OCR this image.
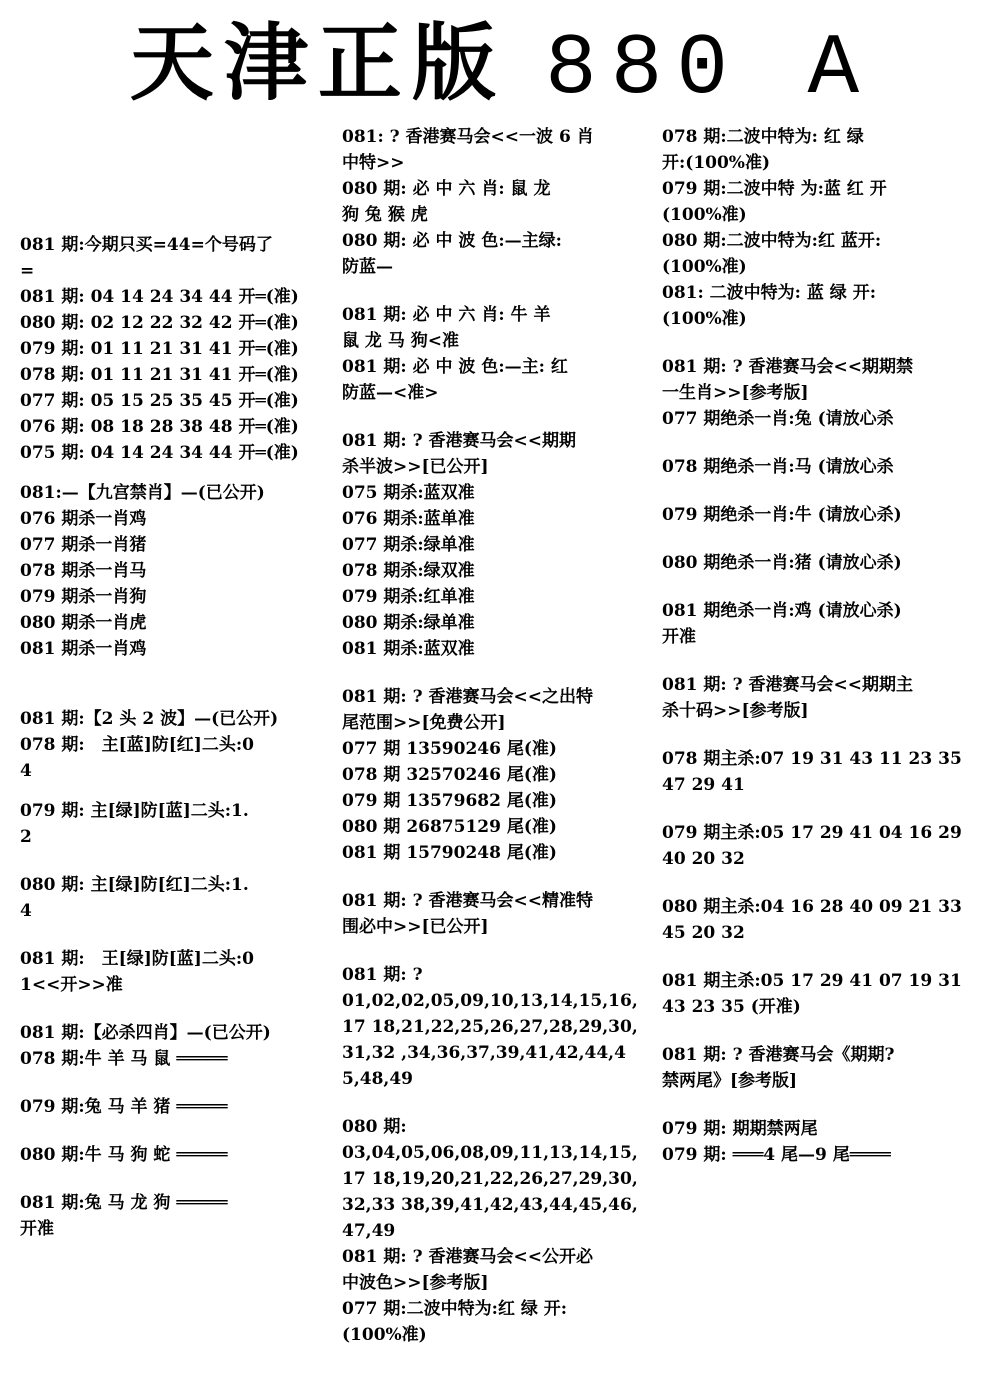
天津正版 880 A
081 期:今期只买=44=个号码了
=
081 期: 04 14 24 34 44 开═(准)
080 期: 02 12 22 32 42 开═(准)
079 期: 01 11 21 31 41 开═(准)
078 期: 01 11 21 31 41 开═(准)
077 期: 05 15 25 35 45 开═(准)
076 期: 08 18 28 38 48 开═(准)
075 期: 04 14 24 34 44 开═(准)
081:—【九宫禁肖】—(已公开)
076 期杀一肖鸡
077 期杀一肖猪
078 期杀一肖马
079 期杀一肖狗
080 期杀一肖虎
081 期杀一肖鸡
081 期:【2 头 2 波】—(已公开)
078 期:　主[蓝]防[红]二头:0
4
079 期: 主[绿]防[蓝]二头:1.
2
080 期: 主[绿]防[红]二头:1.
4
081 期:　王[绿]防[蓝]二头:0
1<<开>>准
081 期:【必杀四肖】—(已公开)
078 期:牛 羊 马 鼠 ═════
079 期:兔 马 羊 猪 ═════
080 期:牛 马 狗 蛇 ═════
081 期:兔 马 龙 狗 ═════
开准
081: ? 香港赛马会<<一波 6 肖
中特>>
080 期: 必 中 六 肖: 鼠 龙
狗 兔 猴 虎
080 期: 必 中 波 色:—主绿:
防蓝—
081 期: 必 中 六 肖: 牛 羊
鼠 龙 马 狗<准
081 期: 必 中 波 色:—主: 红
防蓝—<准>
081 期: ? 香港赛马会<<期期
杀半波>>[已公开]
075 期杀:蓝双准
076 期杀:蓝单准
077 期杀:绿单准
078 期杀:绿双准
079 期杀:红单准
080 期杀:绿单准
081 期杀:蓝双准
081 期: ? 香港赛马会<<之出特
尾范围>>[免费公开]
077 期 13590246 尾(准)
078 期 32570246 尾(准)
079 期 13579682 尾(准)
080 期 26875129 尾(准)
081 期 15790248 尾(准)
081 期: ? 香港赛马会<<精准特
围必中>>[已公开]
081 期: ?
01,02,02,05,09,10,13,14,15,16,17 18,21,22,25,26,27,28,29,30,31,32 ,34,36,37,39,41,42,44,45,48,49
080 期:
03,04,05,06,08,09,11,13,14,15,17 18,19,20,21,22,26,27,29,30,32,33 38,39,41,42,43,44,45,46,47,49
081 期: ? 香港赛马会<<公开必
中波色>>[参考版]
077 期:二波中特为:红 绿 开:
(100%准)
078 期:二波中特为: 红 绿
开:(100%准)
079 期:二波中特 为:蓝 红 开
(100%准)
080 期:二波中特为:红 蓝开:
(100%准)
081: 二波中特为: 蓝 绿 开:
(100%准)
081 期: ? 香港赛马会<<期期禁
一生肖>>[参考版]
077 期绝杀一肖:兔 (请放心杀
078 期绝杀一肖:马 (请放心杀
079 期绝杀一肖:牛 (请放心杀)
080 期绝杀一肖:猪 (请放心杀)
081 期绝杀一肖:鸡 (请放心杀)
开准
081 期: ? 香港赛马会<<期期主
杀十码>>[参考版]
078 期主杀:07 19 31 43 11 23 35
47 29 41
079 期主杀:05 17 29 41 04 16 29
40 20 32
080 期主杀:04 16 28 40 09 21 33
45 20 32
081 期主杀:05 17 29 41 07 19 31
43 23 35 (开准)
081 期: ? 香港赛马会《期期?
禁两尾》[参考版]
079 期: 期期禁两尾
079 期: ═══4 尾—9 尾════
